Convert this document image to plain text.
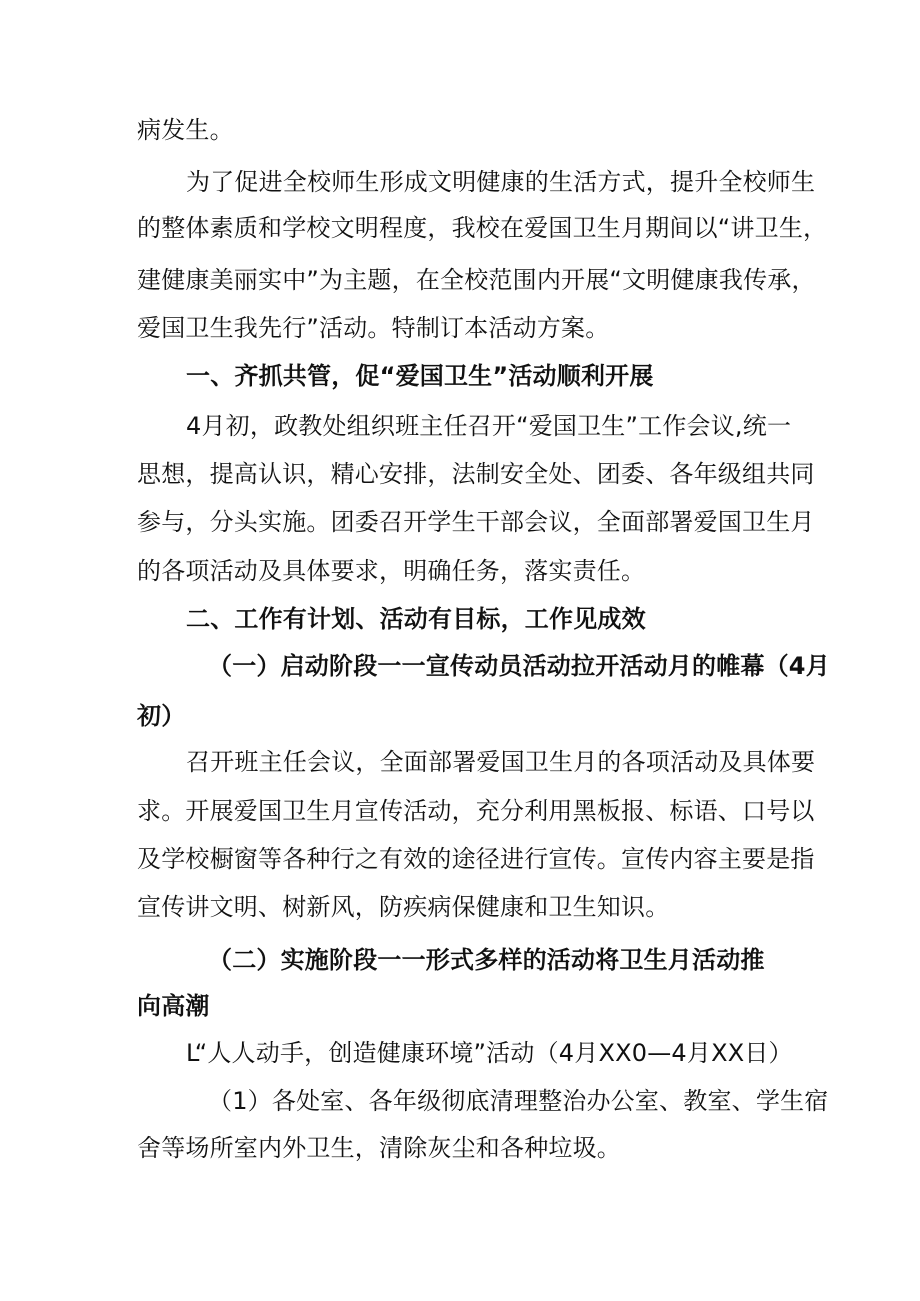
病发生。
为了促进全校师生形成文明健康的生活方式，提升全校师生
的整体素质和学校文明程度，我校在爱国卫生月期间以“讲卫生，
建健康美丽实中”为主题，在全校范围内开展“文明健康我传承，
爱国卫生我先行”活动。特制订本活动方案。
一、齐抓共管，促“爱国卫生”活动顺利开展
4月初，政教处组织班主任召开“爱国卫生”工作会议,统一
思想，提高认识，精心安排，法制安全处、团委、各年级组共同
参与，分头实施。团委召开学生干部会议，全面部署爱国卫生月
的各项活动及具体要求，明确任务，落实责任。
二、工作有计划、活动有目标，工作见成效
（一）启动阶段一一宣传动员活动拉开活动月的帷幕（4月
初）
召开班主任会议，全面部署爱国卫生月的各项活动及具体要
求。开展爱国卫生月宣传活动，充分利用黑板报、标语、口号以
及学校橱窗等各种行之有效的途径进行宣传。宣传内容主要是指
宣传讲文明、树新风，防疾病保健康和卫生知识。
（二）实施阶段一一形式多样的活动将卫生月活动推
向高潮
L“人人动手，创造健康环境”活动（4月XX0—4月XX日）
（1）各处室、各年级彻底清理整治办公室、教室、学生宿
舍等场所室内外卫生，清除灰尘和各种垃圾。
